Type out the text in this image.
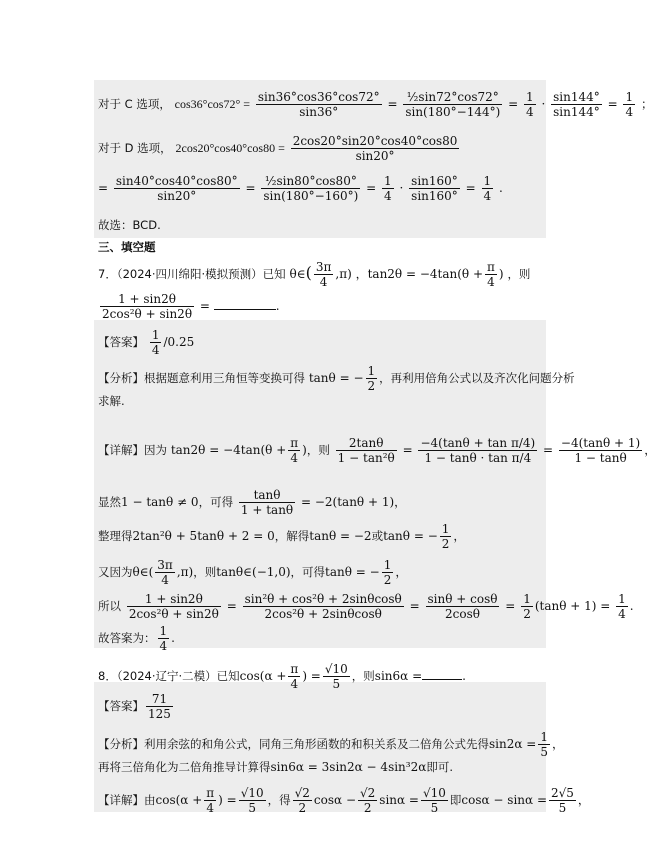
对于 C 选项， $\cos 36^\circ\cos 72^\circ = \frac{\sin 36^\circ\cos 36^\circ\cos 72^\circ}{\sin 36^\circ} = \frac{\text{½sin72°cos72°}}{\sin(180^\circ-144^\circ)} = \frac{1}{4} \cdot \frac{\sin 144^\circ}{\sin 144^\circ} = \frac{1}{4}$ ；
对于 D 选项， $2\cos 20^\circ\cos 40^\circ\cos 80 = \frac{2\cos 20^\circ\sin 20^\circ\cos 40^\circ\cos 80}{\sin 20^\circ}$
= $\frac{\sin 40^\circ\cos 40^\circ\cos 80^\circ}{\sin 20^\circ} = \frac{\text{½sin80°cos80°}}{\sin(180^\circ-160^\circ)} = \frac{1}{4} \cdot \frac{\sin 160^\circ}{\sin 160^\circ} = \frac{1}{4}$ .
故选：BCD.
三、填空题
7．（2024·四川绵阳·模拟预测）已知 θ∈( $\frac{3\pi}{4} ,\pi$) ，$\tan 2\theta = -4\tan(\theta + \frac{\pi}{4}$ ) ，则
$\frac{1 + \sin 2\theta}{\text{2cos²θ + sin2θ}}$ =	.
【答案】 $\frac{1}{4} /0.25$
【分析】根据题意利用三角恒等变换可得 tanθ = − $\frac{1}{2}$ ，再利用倍角公式以及齐次化问题分析
求解.
【详解】因为 $\tan 2\theta = -4\tan(\theta + \frac{\pi}{4}$ )，则 $\frac{2\tan\theta}{\text{1 − tan²θ}} = \frac{\text{−4(tanθ + tan π/4)}}{\text{1 − tanθ · tan π/4}} = \frac{-4(\tan\theta + 1)}{1 - \tan\theta}$ ，
显然1 − tanθ ≠ 0，可得 $\frac{\tan\theta}{1 + \tan\theta} = -2(\tan\theta + 1)$，
整理得2tan²θ + 5tanθ + 2 = 0，解得tanθ = −2或tanθ = − $\frac{1}{2}$ ，
又因为θ∈( $\frac{3\pi}{4} ,\pi$)，则tanθ∈(−1,0)，可得tanθ = − $\frac{1}{2}$ ，
所以 $\frac{1 + \sin 2\theta}{\text{2cos²θ + sin2θ}} = \frac{\text{sin²θ + cos²θ + 2sinθcosθ}}{\text{2cos²θ + 2sinθcosθ}} = \frac{\sin\theta + \cos\theta}{2\cos\theta} = \frac{1}{2} (\tan\theta + 1) = \frac{1}{4}$ .
故答案为： $\frac{1}{4}$ .
8．（2024·辽宁·二模）已知$\cos(\alpha + \frac{\pi}{4}$ ) = $\frac{√10}{5}$ ，则sin6α =	.
【答案】 $\frac{71}{125}$
【分析】利用余弦的和角公式，同角三角形函数的和积关系及二倍角公式先得$\sin 2\alpha = \frac{1}{5}$ ，
再将三倍角化为二倍角推导计算得sin6α = 3sin2α − 4sin³2α即可.
【详解】由$\cos(\alpha + \frac{\pi}{4}$ ) = $\frac{√10}{5}$ ，得 $\frac{√2}{2}$ $\cos\alpha - \frac{√2}{2}$ $\sin\alpha = \frac{√10}{5}$ 即$\cos\alpha - \sin\alpha = \frac{2√5}{5}$ ，
